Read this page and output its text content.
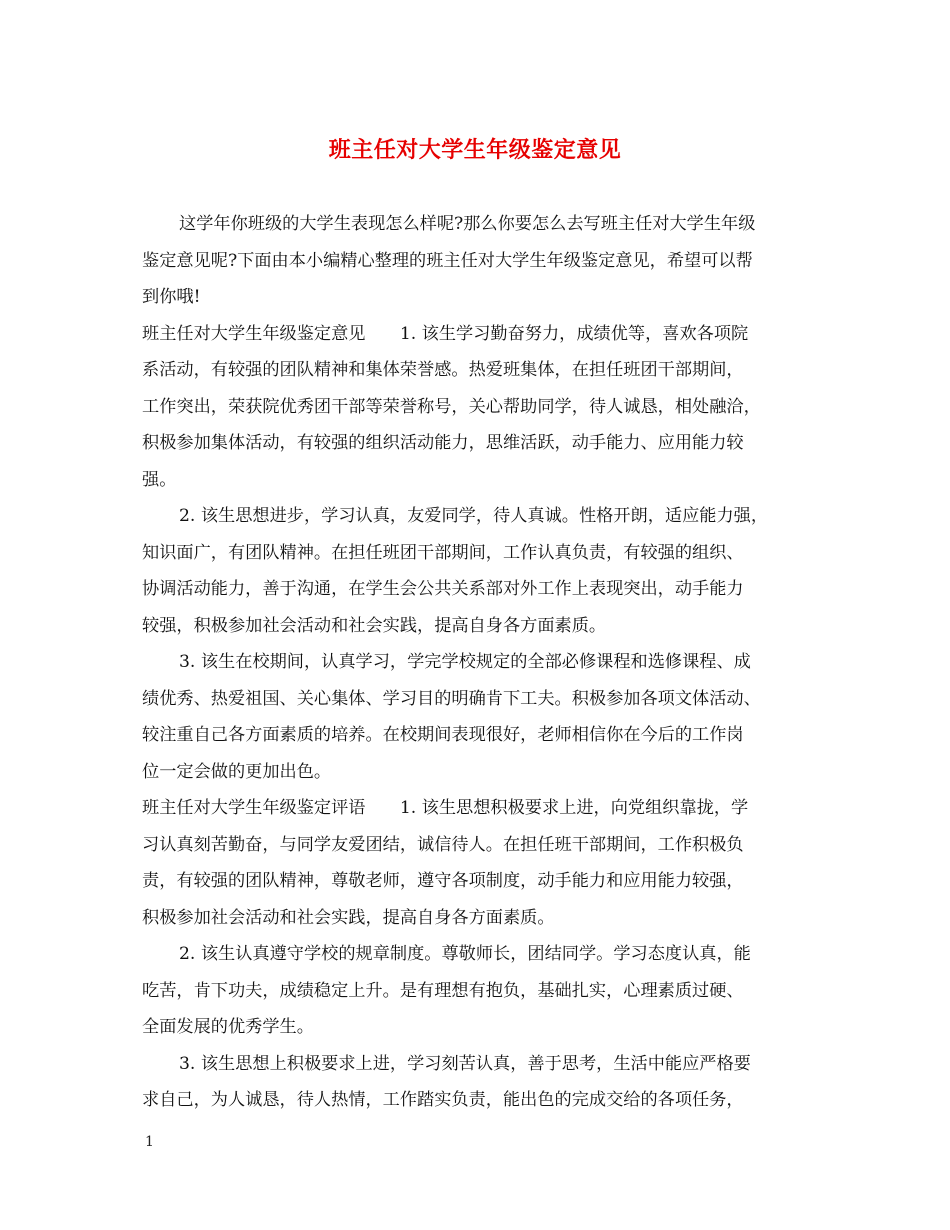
班主任对大学生年级鉴定意见
这学年你班级的大学生表现怎么样呢?那么你要怎么去写班主任对大学生年级
鉴定意见呢?下面由本小编精心整理的班主任对大学生年级鉴定意见，希望可以帮
到你哦!
班主任对大学生年级鉴定意见　　1. 该生学习勤奋努力，成绩优等，喜欢各项院
系活动，有较强的团队精神和集体荣誉感。热爱班集体，在担任班团干部期间，
工作突出，荣获院优秀团干部等荣誉称号，关心帮助同学，待人诚恳，相处融洽，
积极参加集体活动，有较强的组织活动能力，思维活跃，动手能力、应用能力较
强。
2. 该生思想进步，学习认真，友爱同学，待人真诚。性格开朗，适应能力强，
知识面广，有团队精神。在担任班团干部期间，工作认真负责，有较强的组织、
协调活动能力，善于沟通，在学生会公共关系部对外工作上表现突出，动手能力
较强，积极参加社会活动和社会实践，提高自身各方面素质。
3. 该生在校期间，认真学习，学完学校规定的全部必修课程和选修课程、成
绩优秀、热爱祖国、关心集体、学习目的明确肯下工夫。积极参加各项文体活动、
较注重自己各方面素质的培养。在校期间表现很好，老师相信你在今后的工作岗
位一定会做的更加出色。
班主任对大学生年级鉴定评语　　1. 该生思想积极要求上进，向党组织靠拢，学
习认真刻苦勤奋，与同学友爱团结，诚信待人。在担任班干部期间，工作积极负
责，有较强的团队精神，尊敬老师，遵守各项制度，动手能力和应用能力较强，
积极参加社会活动和社会实践，提高自身各方面素质。
2. 该生认真遵守学校的规章制度。尊敬师长，团结同学。学习态度认真，能
吃苦，肯下功夫，成绩稳定上升。是有理想有抱负，基础扎实，心理素质过硬、
全面发展的优秀学生。
3. 该生思想上积极要求上进，学习刻苦认真，善于思考，生活中能应严格要
求自己，为人诚恳，待人热情，工作踏实负责，能出色的完成交给的各项任务，
1
